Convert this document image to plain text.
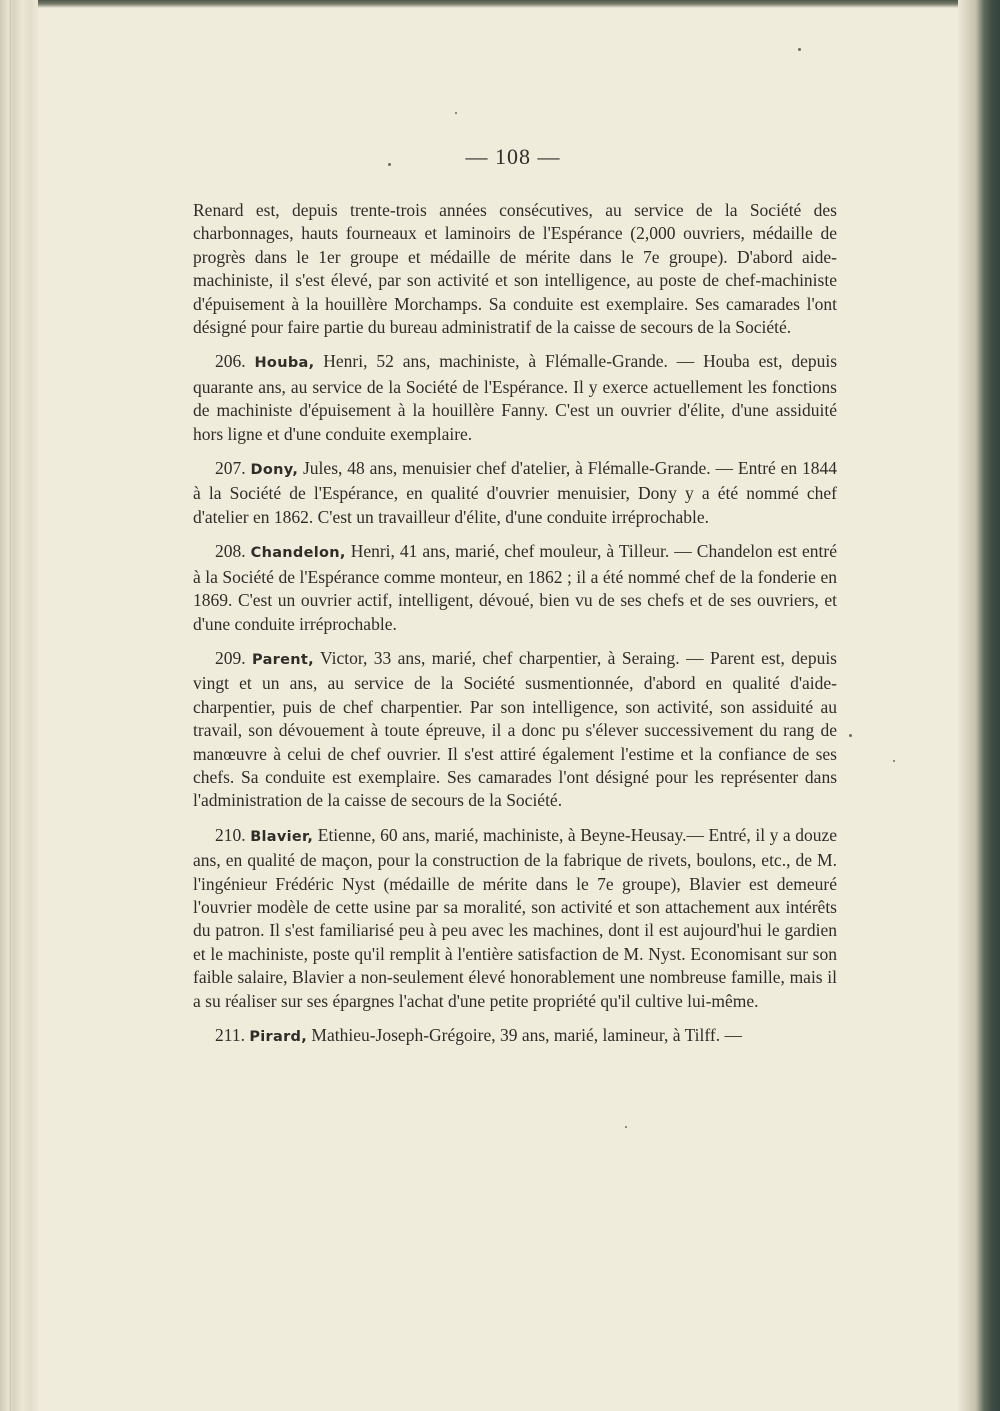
— 108 —

Renard est, depuis trente-trois années consécutives, au service de la Société des charbonnages, hauts fourneaux et laminoirs de l'Espérance (2,000 ouvriers, médaille de progrès dans le 1er groupe et médaille de mérite dans le 7e groupe). D'abord aide-machiniste, il s'est élevé, par son activité et son intelligence, au poste de chef-machiniste d'épuisement à la houillère Morchamps. Sa conduite est exemplaire. Ses camarades l'ont désigné pour faire partie du bureau administratif de la caisse de secours de la Société.

206. Houba, Henri, 52 ans, machiniste, à Flémalle-Grande. — Houba est, depuis quarante ans, au service de la Société de l'Espérance. Il y exerce actuellement les fonctions de machiniste d'épuisement à la houillère Fanny. C'est un ouvrier d'élite, d'une assiduité hors ligne et d'une conduite exemplaire.

207. Dony, Jules, 48 ans, menuisier chef d'atelier, à Flémalle-Grande. — Entré en 1844 à la Société de l'Espérance, en qualité d'ouvrier menuisier, Dony y a été nommé chef d'atelier en 1862. C'est un travailleur d'élite, d'une conduite irréprochable.

208. Chandelon, Henri, 41 ans, marié, chef mouleur, à Tilleur. — Chandelon est entré à la Société de l'Espérance comme monteur, en 1862 ; il a été nommé chef de la fonderie en 1869. C'est un ouvrier actif, intelligent, dévoué, bien vu de ses chefs et de ses ouvriers, et d'une conduite irréprochable.

209. Parent, Victor, 33 ans, marié, chef charpentier, à Seraing. — Parent est, depuis vingt et un ans, au service de la Société susmentionnée, d'abord en qualité d'aide-charpentier, puis de chef charpentier. Par son intelligence, son activité, son assiduité au travail, son dévouement à toute épreuve, il a donc pu s'élever successivement du rang de manœuvre à celui de chef ouvrier. Il s'est attiré également l'estime et la confiance de ses chefs. Sa conduite est exemplaire. Ses camarades l'ont désigné pour les représenter dans l'administration de la caisse de secours de la Société.

210. Blavier, Etienne, 60 ans, marié, machiniste, à Beyne-Heusay.— Entré, il y a douze ans, en qualité de maçon, pour la construction de la fabrique de rivets, boulons, etc., de M. l'ingénieur Frédéric Nyst (médaille de mérite dans le 7e groupe), Blavier est demeuré l'ouvrier modèle de cette usine par sa moralité, son activité et son attachement aux intérêts du patron. Il s'est familiarisé peu à peu avec les machines, dont il est aujourd'hui le gardien et le machiniste, poste qu'il remplit à l'entière satisfaction de M. Nyst. Economisant sur son faible salaire, Blavier a non-seulement élevé honorablement une nombreuse famille, mais il a su réaliser sur ses épargnes l'achat d'une petite propriété qu'il cultive lui-même.

211. Pirard, Mathieu-Joseph-Grégoire, 39 ans, marié, lamineur, à Tilff. —
